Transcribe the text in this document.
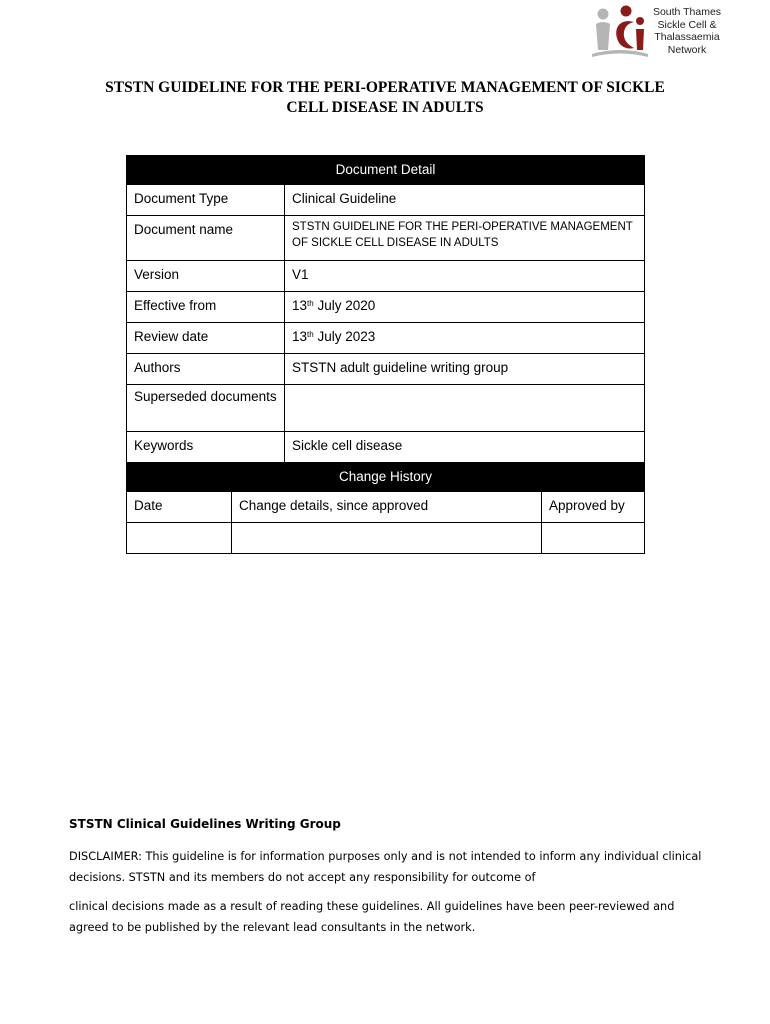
South Thames
Sickle Cell &
Thalassaemia
Network
STSTN GUIDELINE FOR THE PERI-OPERATIVE MANAGEMENT OF SICKLE
CELL DISEASE IN ADULTS
Document Detail			
Document Type		Clinical Guideline	
Document name		STSTN GUIDELINE FOR THE PERI-OPERATIVE MANAGEMENT OF SICKLE CELL DISEASE IN ADULTS	
Version		V1	
Effective from		13th July 2020	
Review date		13th July 2023	
Authors		STSTN adult guideline writing group	
Superseded documents			
Keywords		Sickle cell disease	
Change History			
Date	Change details, since approved		Approved by

STSTN Clinical Guidelines Writing Group
DISCLAIMER: This guideline is for information purposes only and is not intended to inform any individual clinical decisions. STSTN and its members do not accept any responsibility for outcome of
clinical decisions made as a result of reading these guidelines. All guidelines have been peer-reviewed and agreed to be published by the relevant lead consultants in the network.
